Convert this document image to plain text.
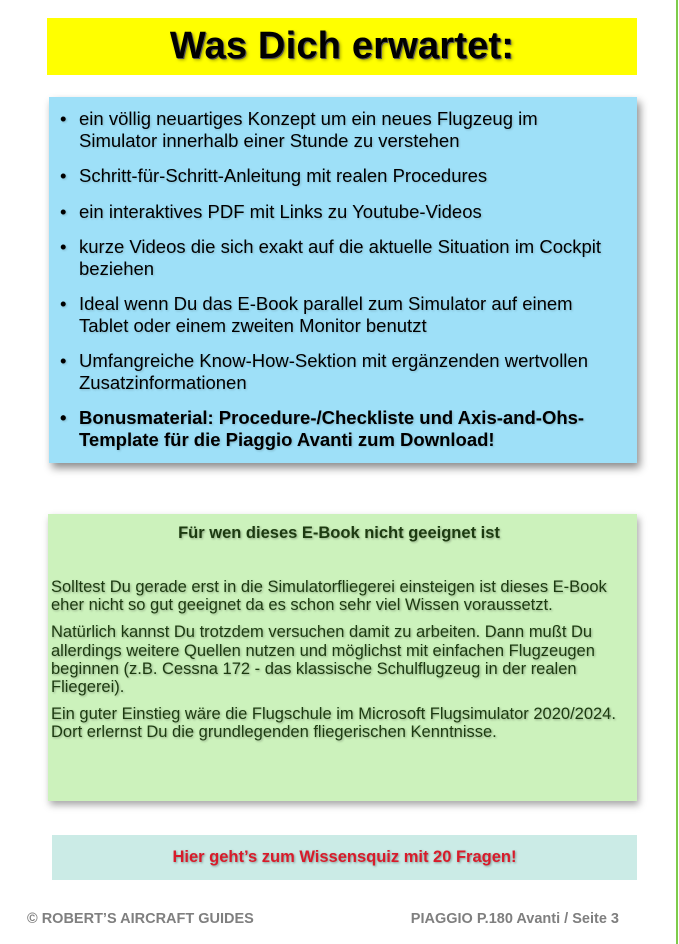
Was Dich erwartet:
• ein völlig neuartiges Konzept um ein neues Flugzeug im Simulator innerhalb einer Stunde zu verstehen
• Schritt-für-Schritt-Anleitung mit realen Procedures
• ein interaktives PDF mit Links zu Youtube-Videos
• kurze Videos die sich exakt auf die aktuelle Situation im Cockpit beziehen
• Ideal wenn Du das E-Book parallel zum Simulator auf einem Tablet oder einem zweiten Monitor benutzt
• Umfangreiche Know-How-Sektion mit ergänzenden wertvollen Zusatzinformationen
• Bonusmaterial: Procedure-/Checkliste und Axis-and-Ohs-Template für die Piaggio Avanti zum Download!
Für wen dieses E-Book nicht geeignet ist

Solltest Du gerade erst in die Simulatorfliegerei einsteigen ist dieses E-Book eher nicht so gut geeignet da es schon sehr viel Wissen voraussetzt.

Natürlich kannst Du trotzdem versuchen damit zu arbeiten. Dann mußt Du allerdings weitere Quellen nutzen und möglichst mit einfachen Flugzeugen beginnen (z.B. Cessna 172 - das klassische Schulflugzeug in der realen Fliegerei).

Ein guter Einstieg wäre die Flugschule im Microsoft Flugsimulator 2020/2024. Dort erlernst Du die grundlegenden fliegerischen Kenntnisse.

Hier geht’s zum Wissensquiz mit 20 Fragen!
© ROBERT’S AIRCRAFT GUIDES	PIAGGIO P.180 Avanti / Seite 3
